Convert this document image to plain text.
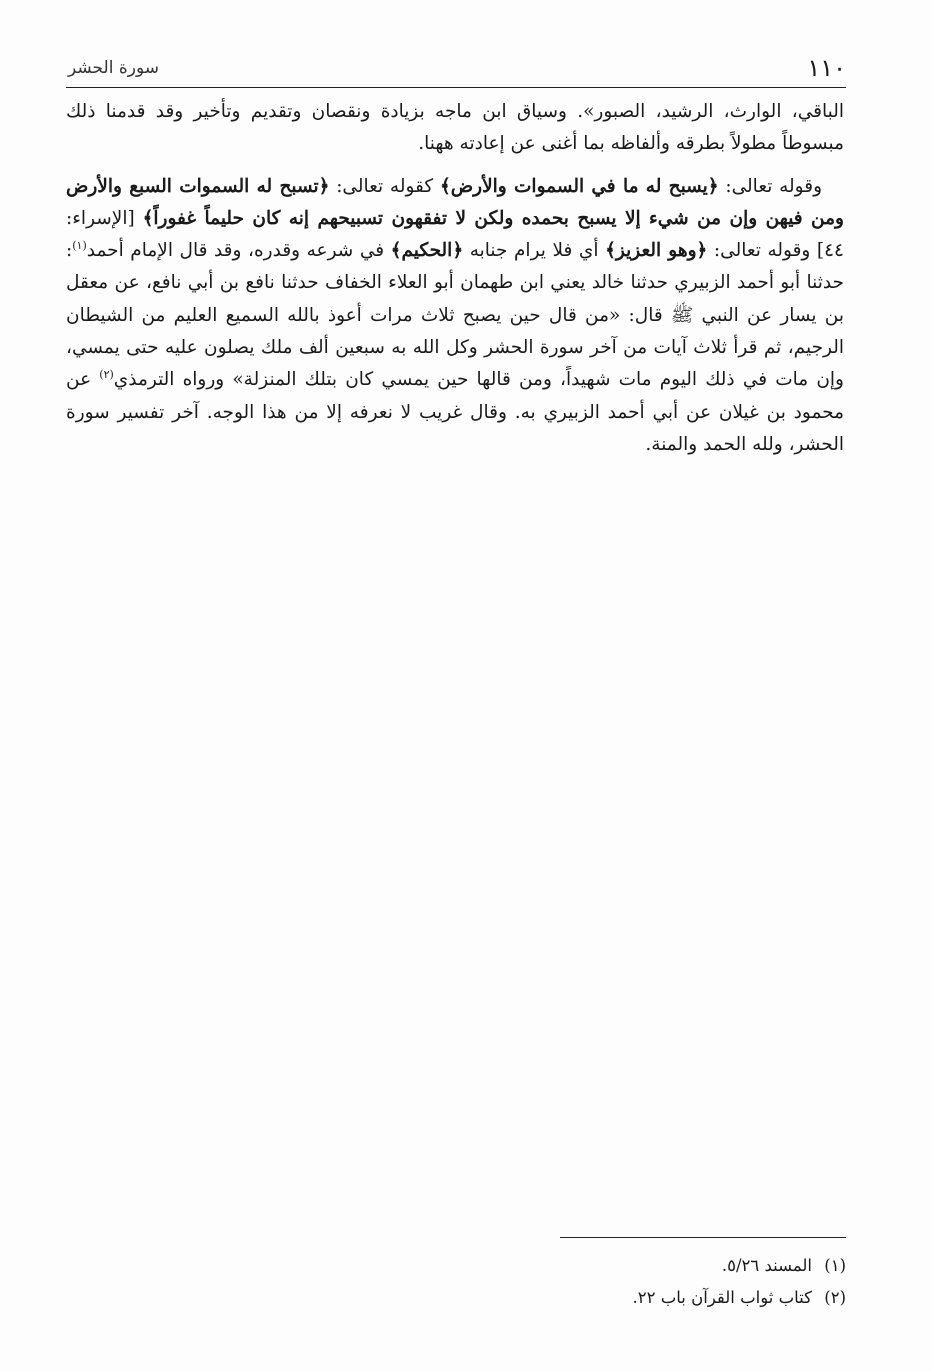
سورة الحشر	١١٠

الباقي، الوارث، الرشيد، الصبور». وسياق ابن ماجه بزيادة ونقصان وتقديم وتأخير وقد قدمنا ذلك مبسوطاً مطولاً بطرقه وألفاظه بما أغنى عن إعادته ههنا.

وقوله تعالى: ﴿يسبح له ما في السموات والأرض﴾ كقوله تعالى: ﴿تسبح له السموات السبع والأرض ومن فيهن وإن من شيء إلا يسبح بحمده ولكن لا تفقهون تسبيحهم إنه كان حليماً غفوراً﴾ [الإسراء: ٤٤] وقوله تعالى: ﴿وهو العزيز﴾ أي فلا يرام جنابه ﴿الحكيم﴾ في شرعه وقدره، وقد قال الإمام أحمد$^{(١)}$: حدثنا أبو أحمد الزبيري حدثنا خالد يعني ابن طهمان أبو العلاء الخفاف حدثنا نافع بن أبي نافع، عن معقل بن يسار عن النبي ﷺ قال: «من قال حين يصبح ثلاث مرات أعوذ بالله السميع العليم من الشيطان الرجيم، ثم قرأ ثلاث آيات من آخر سورة الحشر وكل الله به سبعين ألف ملك يصلون عليه حتى يمسي، وإن مات في ذلك اليوم مات شهيداً، ومن قالها حين يمسي كان بتلك المنزلة» ورواه الترمذي$^{(٢)}$ عن محمود بن غيلان عن أبي أحمد الزبيري به. وقال غريب لا نعرفه إلا من هذا الوجه. آخر تفسير سورة الحشر، ولله الحمد والمنة.

(١)المسند ٥/٢٦.
(٢)كتاب ثواب القرآن باب ٢٢.
